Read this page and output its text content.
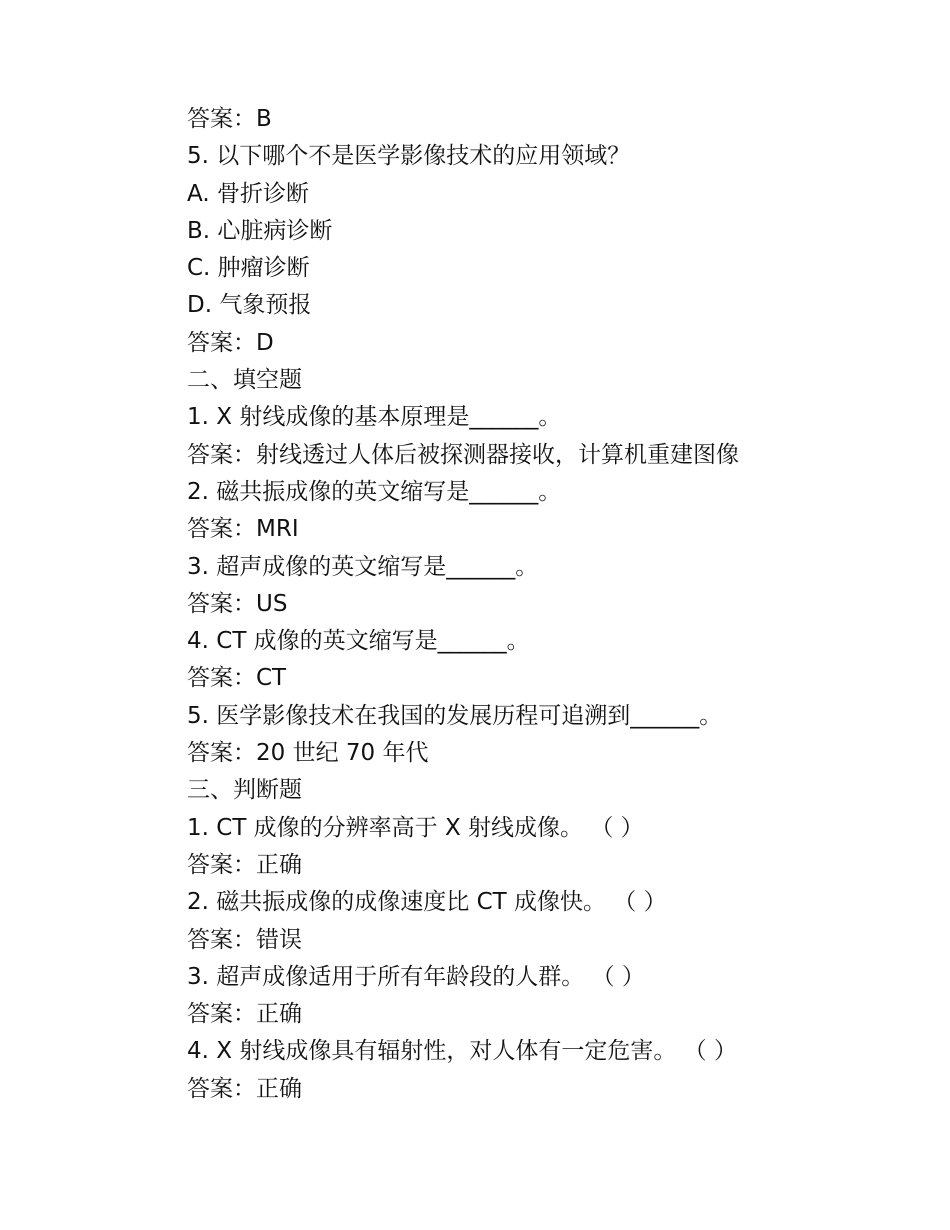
答案：B
5. 以下哪个不是医学影像技术的应用领域？
A. 骨折诊断
B. 心脏病诊断
C. 肿瘤诊断
D. 气象预报
答案：D
二、填空题
1. X 射线成像的基本原理是______。
答案：射线透过人体后被探测器接收，计算机重建图像
2. 磁共振成像的英文缩写是______。
答案：MRI
3. 超声成像的英文缩写是______。
答案：US
4. CT 成像的英文缩写是______。
答案：CT
5. 医学影像技术在我国的发展历程可追溯到______。
答案：20 世纪 70 年代
三、判断题
1. CT 成像的分辨率高于 X 射线成像。 （ ）
答案：正确
2. 磁共振成像的成像速度比 CT 成像快。 （ ）
答案：错误
3. 超声成像适用于所有年龄段的人群。 （ ）
答案：正确
4. X 射线成像具有辐射性，对人体有一定危害。 （ ）
答案：正确
